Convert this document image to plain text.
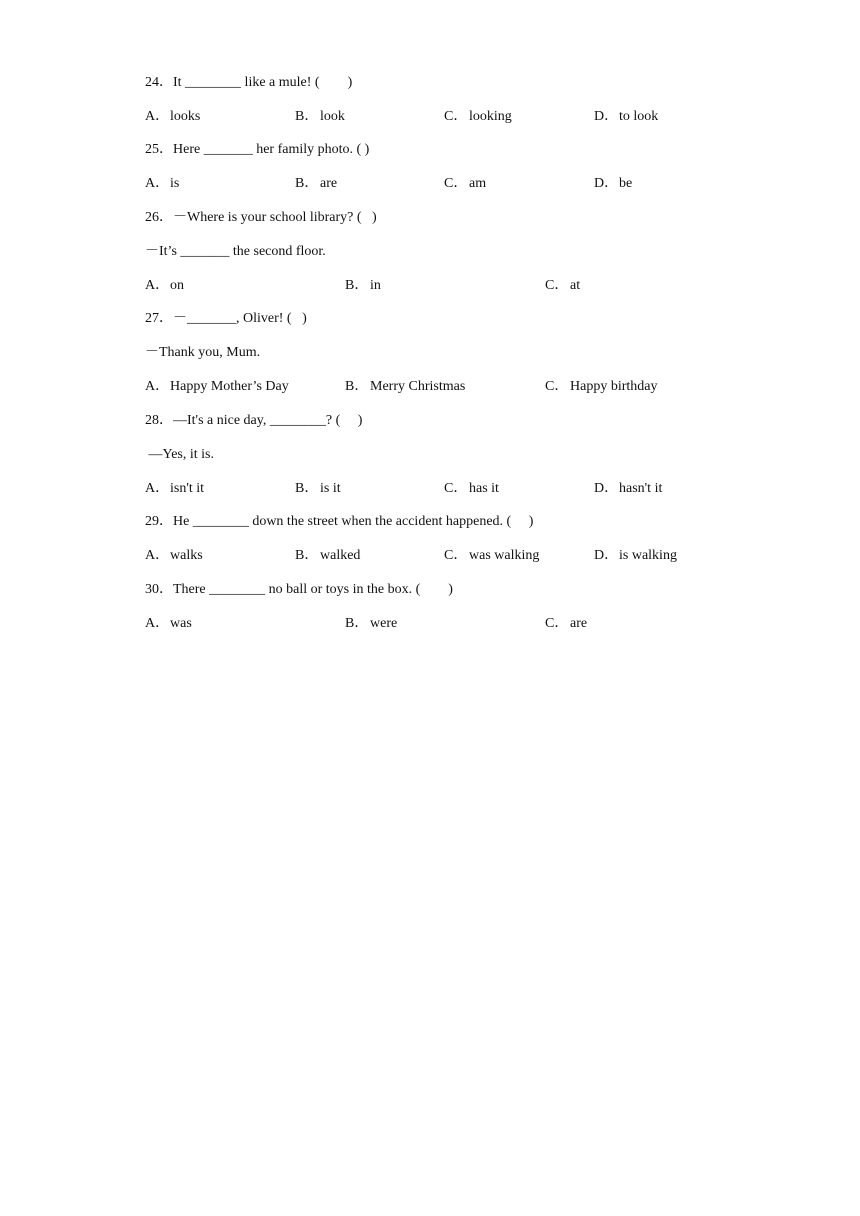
24．It ________ like a mule! (        )
A．looks	B． look	C． looking	D．to look
25．Here _______ her family photo. ( )
A．is	B． are	C． am	D．be
26．－Where is your school library? (   )
－It’s _______ the second floor.
A．on	B． in	C． at
27．－_______, Oliver! (   )
－Thank you, Mum.
A．Happy Mother’s Day	B． Merry Christmas	C． Happy birthday
28．—It's a nice day, ________? (     )
—Yes, it is.
A．isn't it	B． is it	C． has it	D．hasn't it
29．He ________ down the street when the accident happened. (     )
A．walks	B． walked	C． was walking	D．is walking
30．There ________ no ball or toys in the box. (        )
A．was	B． were	C． are
